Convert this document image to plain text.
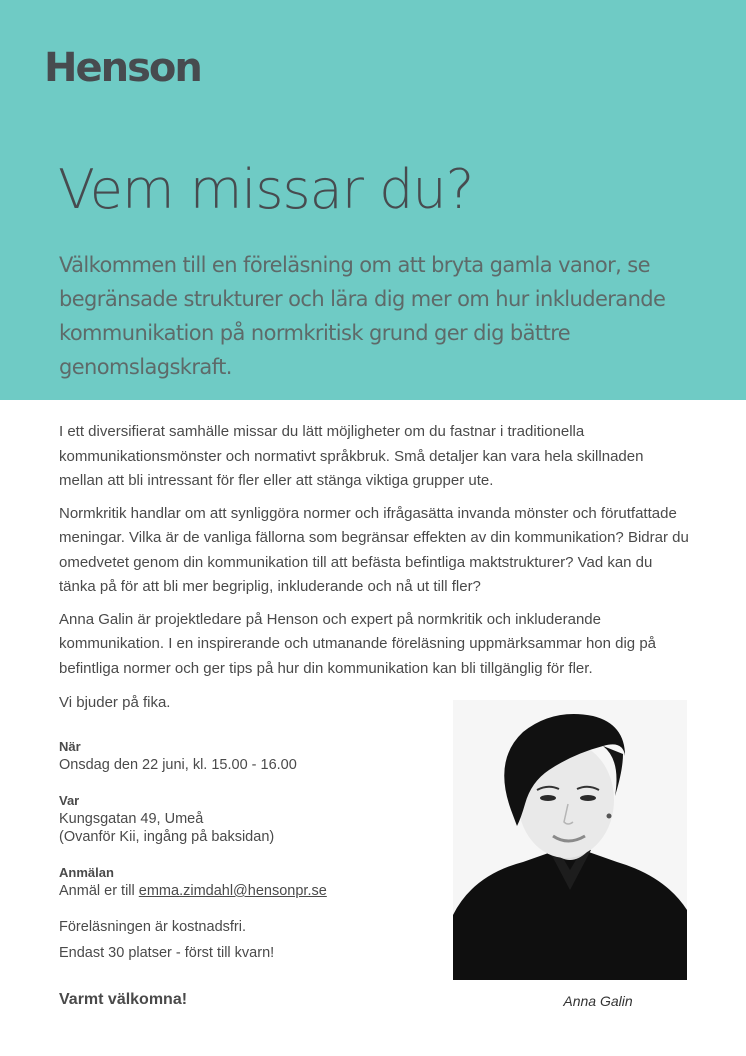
Henson
Vem missar du?
Välkommen till en föreläsning om att bryta gamla vanor, se begränsade strukturer och lära dig mer om hur inkluderande kommunikation på normkritisk grund ger dig bättre genomslagskraft.

I ett diversifierat samhälle missar du lätt möjligheter om du fastnar i traditionella kommunikationsmönster och normativt språkbruk. Små detaljer kan vara hela skillnaden mellan att bli intressant för fler eller att stänga viktiga grupper ute.

Normkritik handlar om att synliggöra normer och ifrågasätta invanda mönster och förutfattade meningar. Vilka är de vanliga fällorna som begränsar effekten av din kommunikation? Bidrar du omedvetet genom din kommunikation till att befästa befintliga maktstrukturer? Vad kan du tänka på för att bli mer begriplig, inkluderande och nå ut till fler?

Anna Galin är projektledare på Henson och expert på normkritik och inkluderande kommunikation. I en inspirerande och utmanande föreläsning uppmärksammar hon dig på befintliga normer och ger tips på hur din kommunikation kan bli tillgänglig för fler.

Vi bjuder på fika.
När
Onsdag den 22 juni, kl. 15.00 - 16.00
Var
Kungsgatan 49, Umeå
(Ovanför Kii, ingång på baksidan)
Anmälan
Anmäl er till emma.zimdahl@hensonpr.se
Föreläsningen är kostnadsfri.
Endast 30 platser - först till kvarn!
Varmt välkomna!	Anna Galin
